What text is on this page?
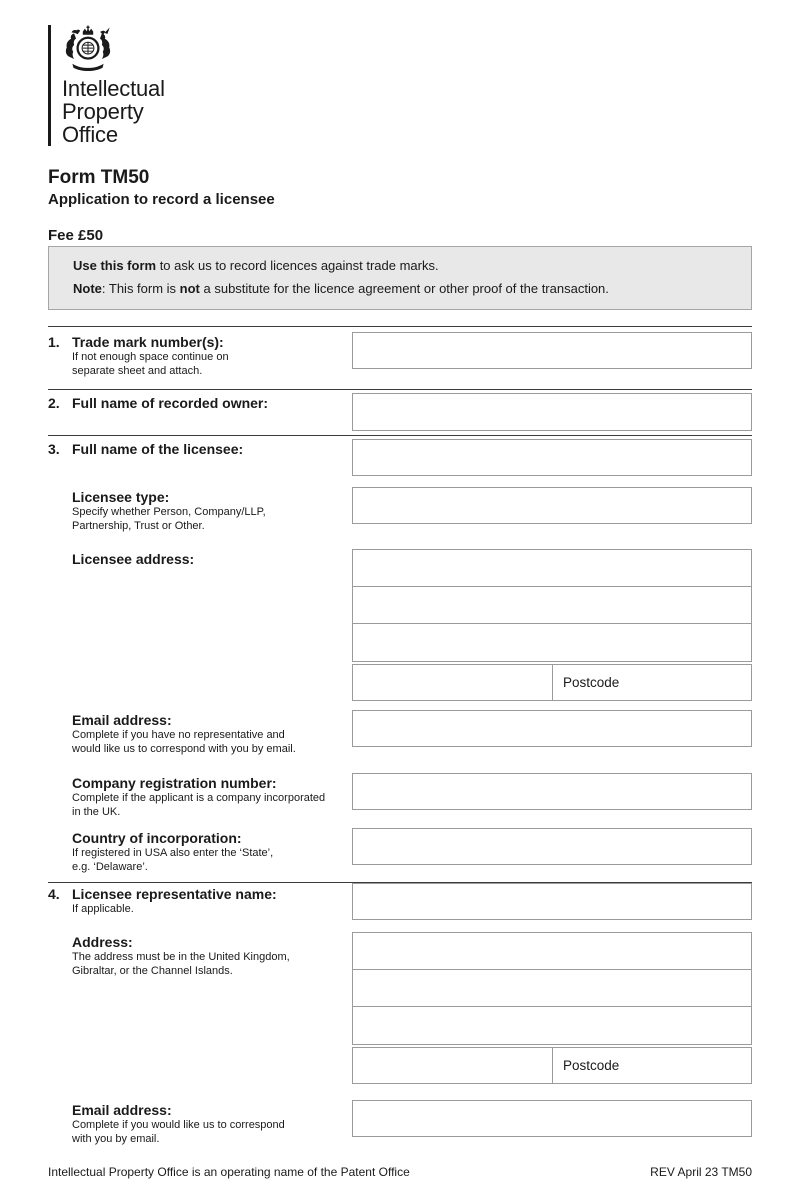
Intellectual
Property
Office
Form TM50
Application to record a licensee
Fee £50

Use this form to ask us to record licences against trade marks.

Note: This form is not a substitute for the licence agreement or other proof of the transaction.

1. Trade mark number(s):
If not enough space continue on
separate sheet and attach.
2. Full name of recorded owner:
3. Full name of the licensee:
Licensee type:
Specify whether Person, Company/LLP,
Partnership, Trust or Other.
Licensee address:
Postcode
Email address:
Complete if you have no representative and
would like us to correspond with you by email.
Company registration number:
Complete if the applicant is a company incorporated
in the UK.
Country of incorporation:
If registered in USA also enter the ‘State’,
e.g. ‘Delaware’.
4. Licensee representative name:
If applicable.
Address:
The address must be in the United Kingdom,
Gibraltar, or the Channel Islands.
Postcode
Email address:
Complete if you would like us to correspond
with you by email.
Intellectual Property Office is an operating name of the Patent Office	REV April 23 TM50
